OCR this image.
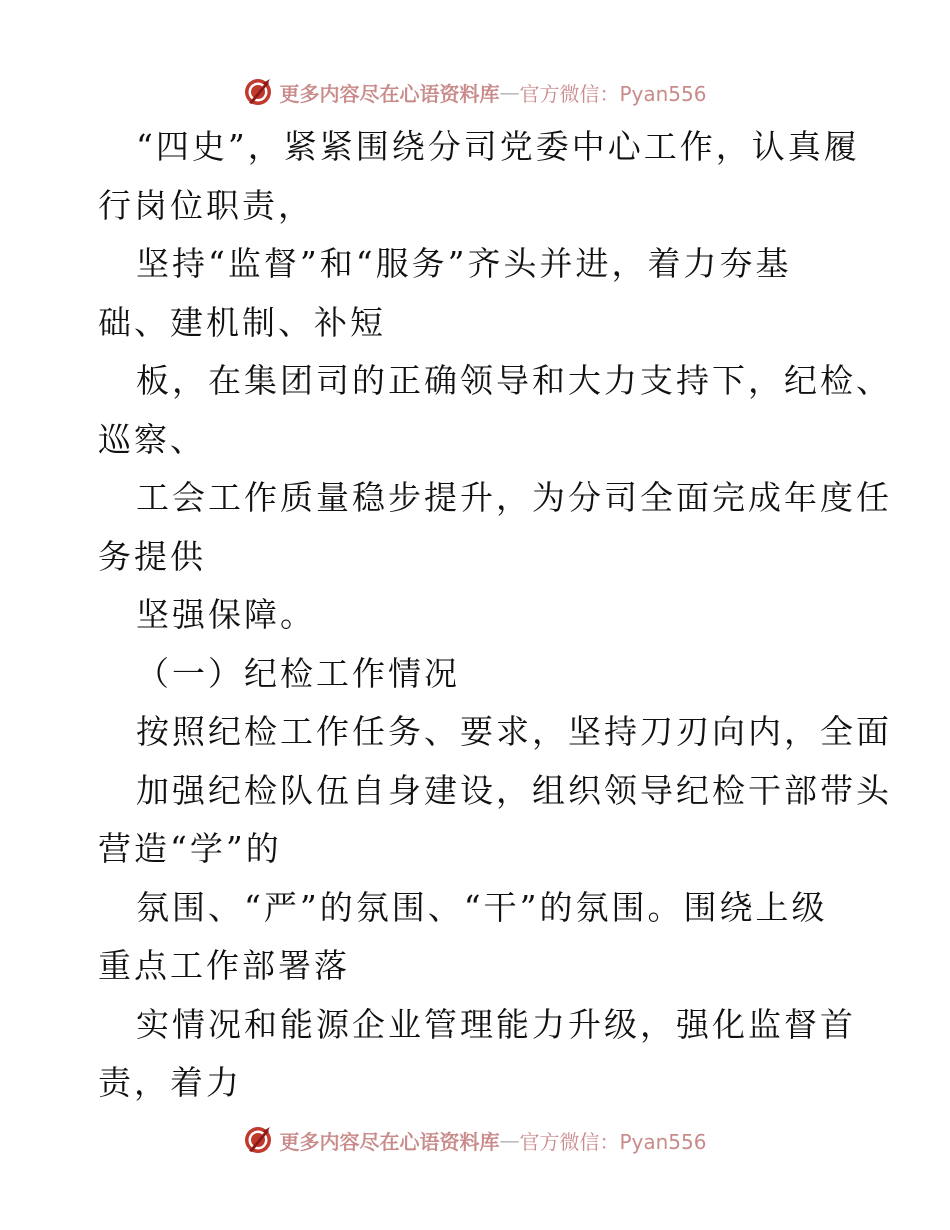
更多内容尽在心语资料库 — 官方微信：Pyan556
“四史”，紧紧围绕分司党委中心工作，认真履
行岗位职责，
坚持“监督”和“服务”齐头并进，着力夯基
础、建机制、补短
板，在集团司的正确领导和大力支持下，纪检、
巡察、
工会工作质量稳步提升，为分司全面完成年度任
务提供
坚强保障。
（一）纪检工作情况
按照纪检工作任务、要求，坚持刀刃向内，全面
加强纪检队伍自身建设，组织领导纪检干部带头
营造“学”的
氛围、“严”的氛围、“干”的氛围。围绕上级
重点工作部署落
实情况和能源企业管理能力升级，强化监督首
责，着力
更多内容尽在心语资料库 — 官方微信：Pyan556
